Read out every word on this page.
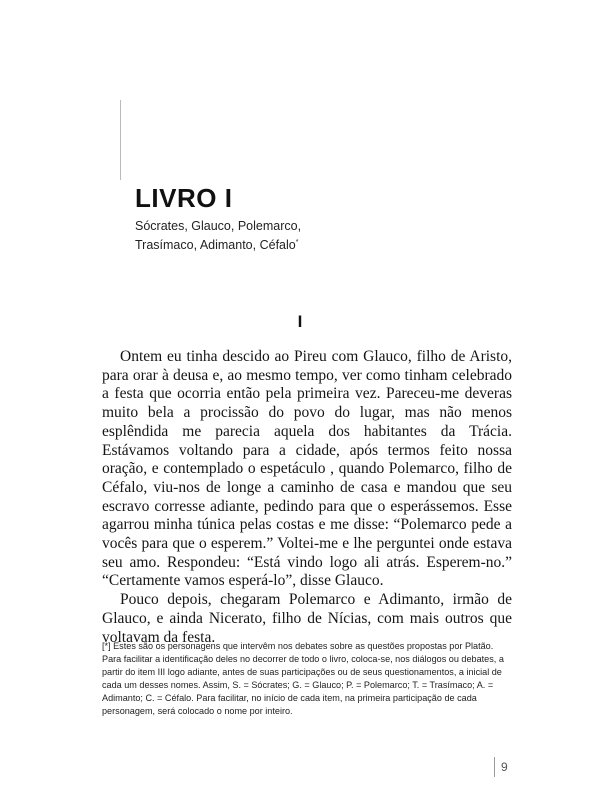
LIVRO I
Sócrates, Glauco, Polemarco,
Trasímaco, Adimanto, Céfalo*
I

Ontem eu tinha descido ao Pireu com Glauco, filho de Aristo, para orar à deusa e, ao mesmo tempo, ver como tinham celebrado a festa que ocorria então pela primeira vez. Pareceu-me deveras muito bela a procissão do povo do lugar, mas não menos esplêndida me parecia aquela dos habitantes da Trácia. Estávamos voltando para a cidade, após termos feito nossa oração, e contemplado o espetáculo , quando Polemarco, filho de Céfalo, viu-nos de longe a caminho de casa e mandou que seu escravo corresse adiante, pedindo para que o esperássemos. Esse agarrou minha túnica pelas costas e me disse: “Polemarco pede a vocês para que o esperem.” Voltei-me e lhe perguntei onde estava seu amo. Respondeu: “Está vindo logo ali atrás. Esperem-no.” “Certamente vamos esperá-lo”, disse Glauco.

Pouco depois, chegaram Polemarco e Adimanto, irmão de Glauco, e ainda Nicerato, filho de Nícias, com mais outros que voltavam da festa.

[*] Estes são os personagens que intervêm nos debates sobre as questões propostas por Platão. Para facilitar a identificação deles no decorrer de todo o livro, coloca-se, nos diálogos ou debates, a partir do item III logo adiante, antes de suas participações ou de seus questionamentos, a inicial de cada um desses nomes. Assim, S. = Sócrates; G. = Glauco; P. = Polemarco; T. = Trasímaco; A. = Adimanto; C. = Céfalo. Para facilitar, no início de cada item, na primeira participação de cada personagem, será colocado o nome por inteiro.
9
